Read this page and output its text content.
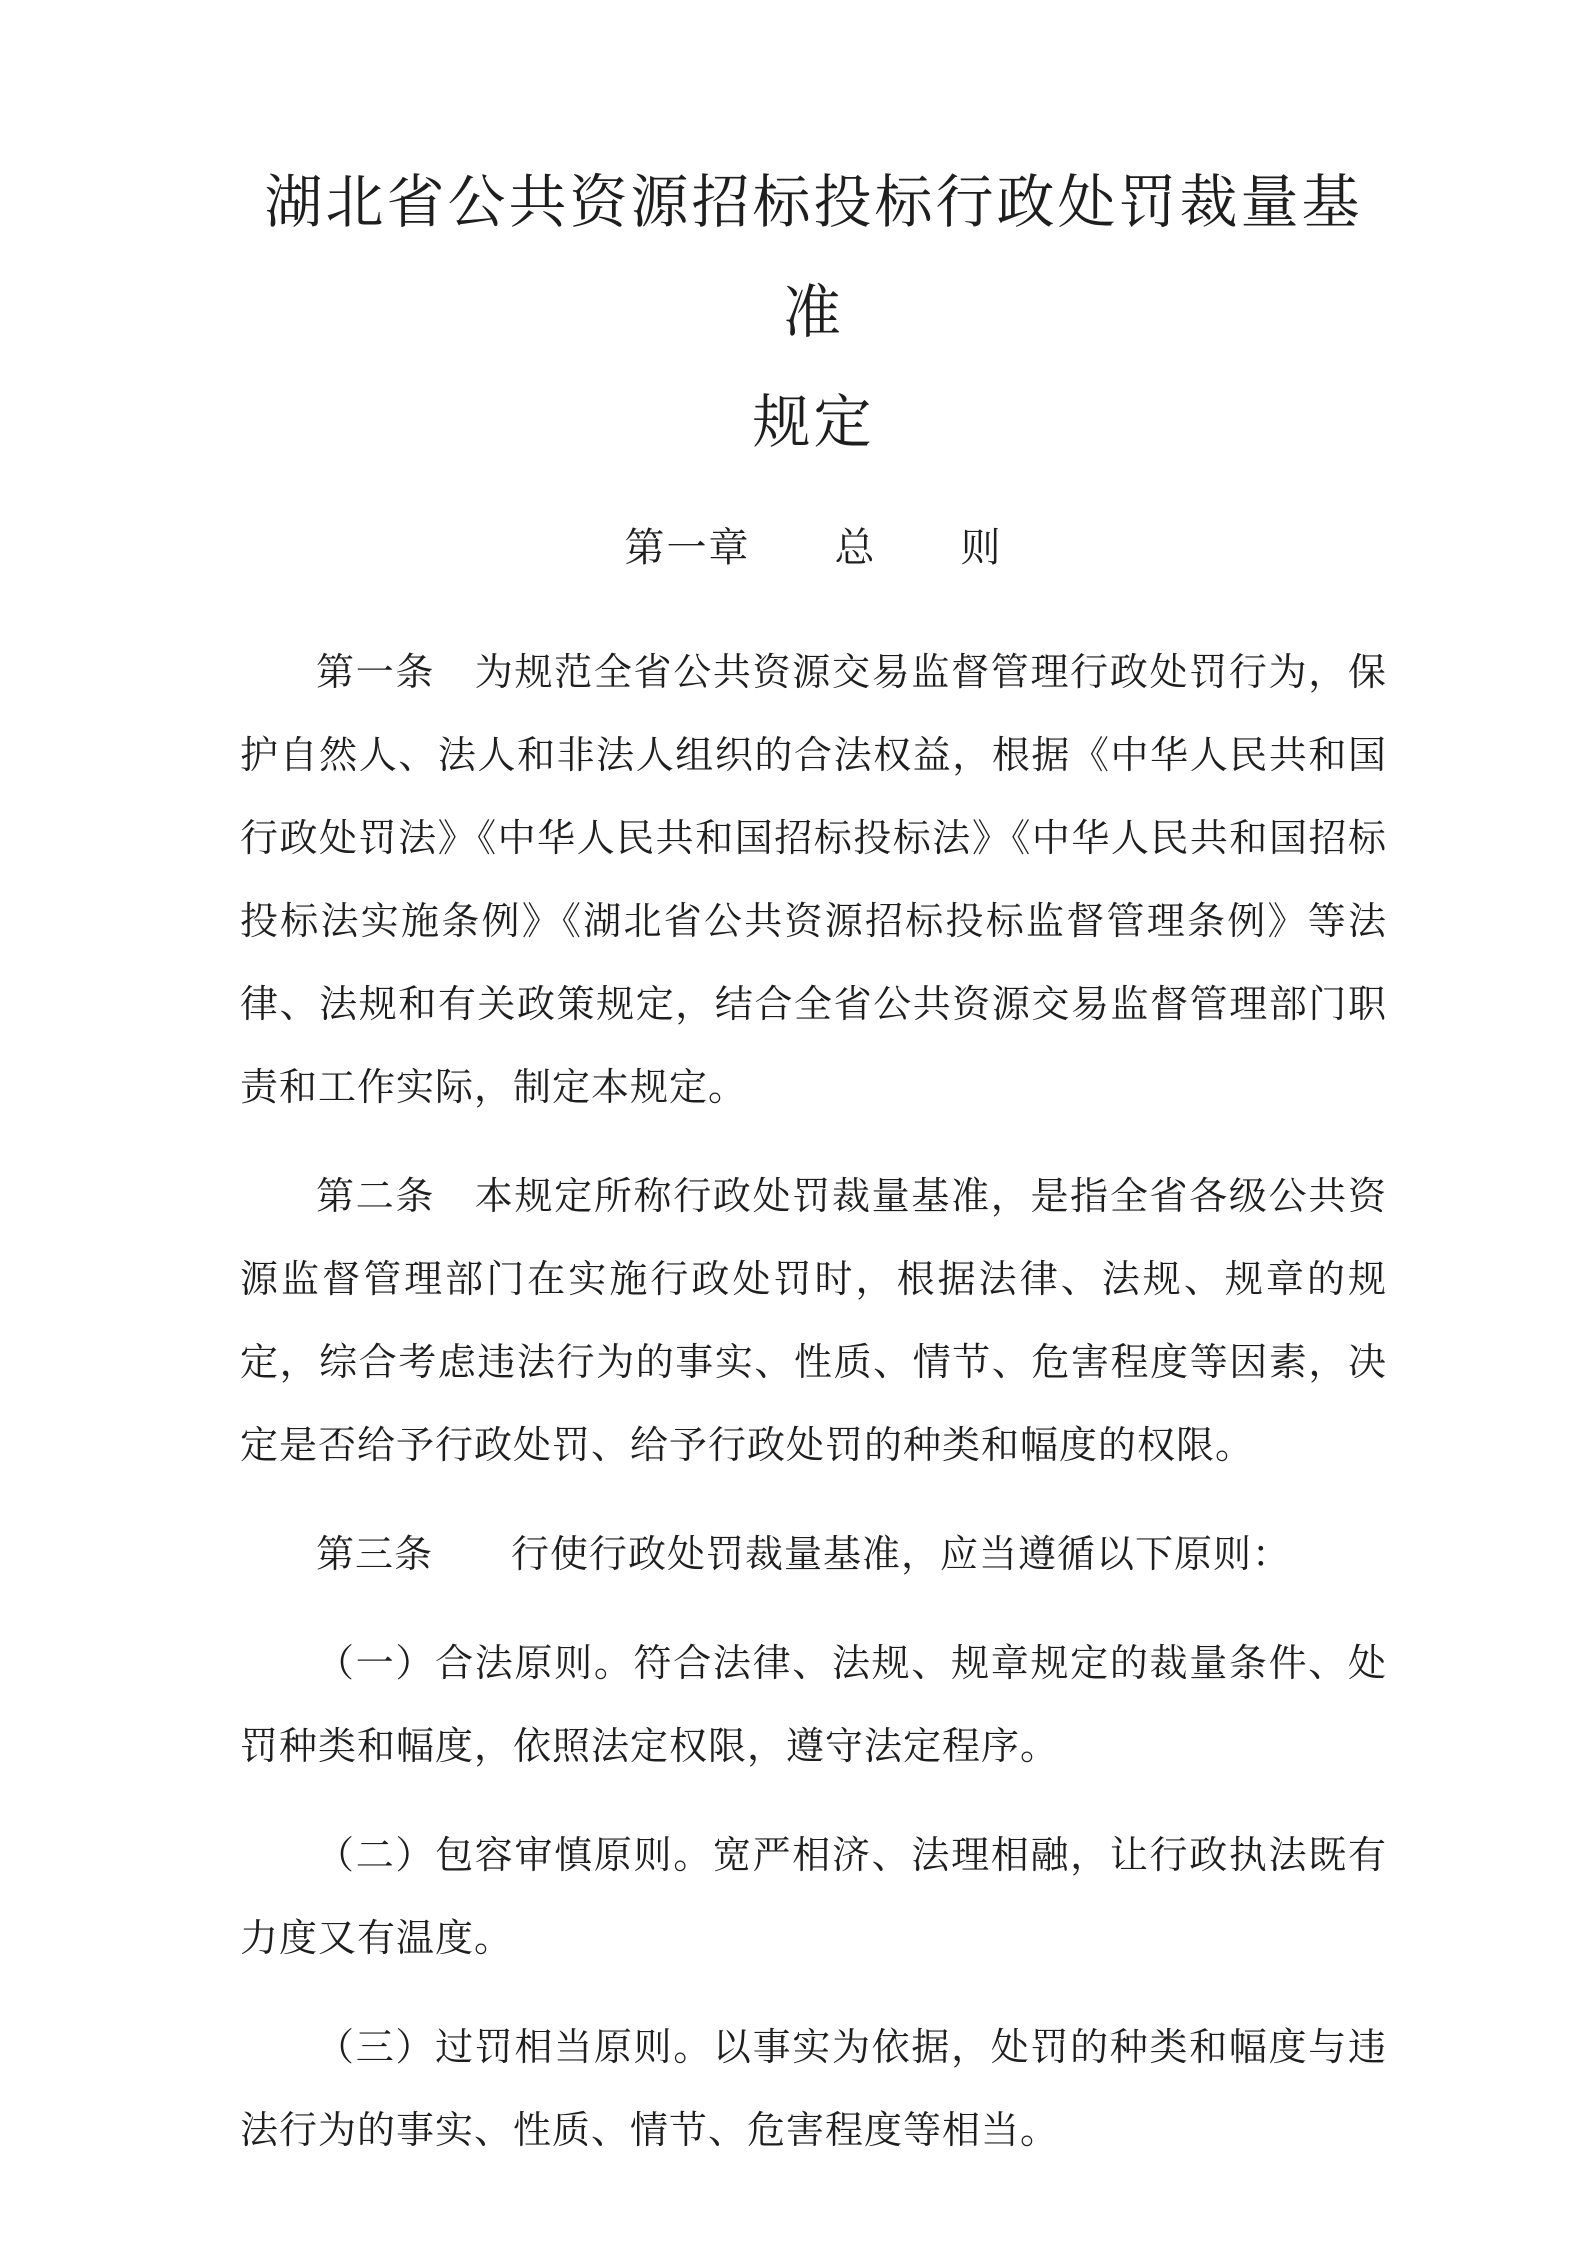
湖北省公共资源招标投标行政处罚裁量基准
规定
第一章　　总　　则

第一条　为规范全省公共资源交易监督管理行政处罚行为，保护自然人、法人和非法人组织的合法权益，根据《中华人民共和国行政处罚法》《中华人民共和国招标投标法》《中华人民共和国招标投标法实施条例》《湖北省公共资源招标投标监督管理条例》等法律、法规和有关政策规定，结合全省公共资源交易监督管理部门职责和工作实际，制定本规定。

第二条　本规定所称行政处罚裁量基准，是指全省各级公共资源监督管理部门在实施行政处罚时，根据法律、法规、规章的规定，综合考虑违法行为的事实、性质、情节、危害程度等因素，决定是否给予行政处罚、给予行政处罚的种类和幅度的权限。

第三条　　行使行政处罚裁量基准，应当遵循以下原则：

（一）合法原则。符合法律、法规、规章规定的裁量条件、处罚种类和幅度，依照法定权限，遵守法定程序。

（二）包容审慎原则。宽严相济、法理相融，让行政执法既有力度又有温度。

（三）过罚相当原则。以事实为依据，处罚的种类和幅度与违法行为的事实、性质、情节、危害程度等相当。
